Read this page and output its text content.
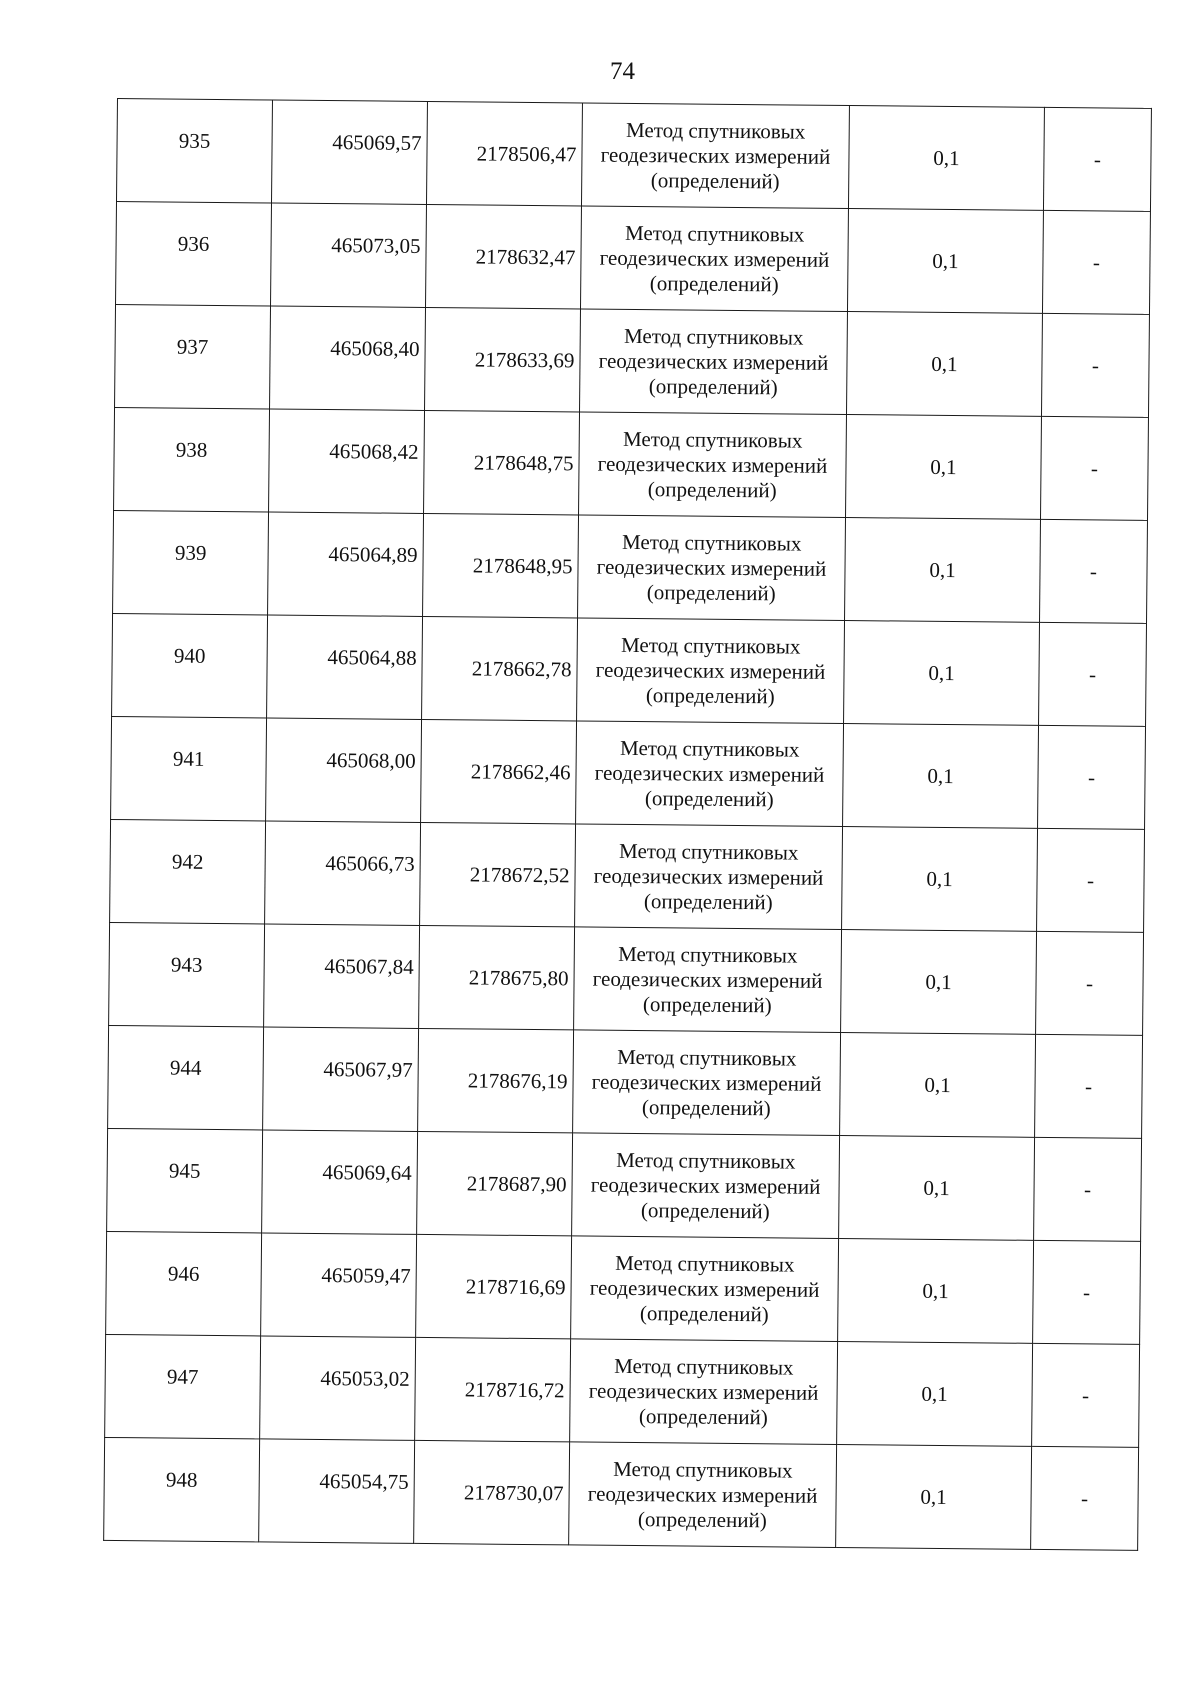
74
935	465069,57	2178506,47	Метод спутниковых
геодезических измерений
(определений)	0,1	-
936	465073,05	2178632,47	Метод спутниковых
геодезических измерений
(определений)	0,1	-
937	465068,40	2178633,69	Метод спутниковых
геодезических измерений
(определений)	0,1	-
938	465068,42	2178648,75	Метод спутниковых
геодезических измерений
(определений)	0,1	-
939	465064,89	2178648,95	Метод спутниковых
геодезических измерений
(определений)	0,1	-
940	465064,88	2178662,78	Метод спутниковых
геодезических измерений
(определений)	0,1	-
941	465068,00	2178662,46	Метод спутниковых
геодезических измерений
(определений)	0,1	-
942	465066,73	2178672,52	Метод спутниковых
геодезических измерений
(определений)	0,1	-
943	465067,84	2178675,80	Метод спутниковых
геодезических измерений
(определений)	0,1	-
944	465067,97	2178676,19	Метод спутниковых
геодезических измерений
(определений)	0,1	-
945	465069,64	2178687,90	Метод спутниковых
геодезических измерений
(определений)	0,1	-
946	465059,47	2178716,69	Метод спутниковых
геодезических измерений
(определений)	0,1	-
947	465053,02	2178716,72	Метод спутниковых
геодезических измерений
(определений)	0,1	-
948	465054,75	2178730,07	Метод спутниковых
геодезических измерений
(определений)	0,1	-
